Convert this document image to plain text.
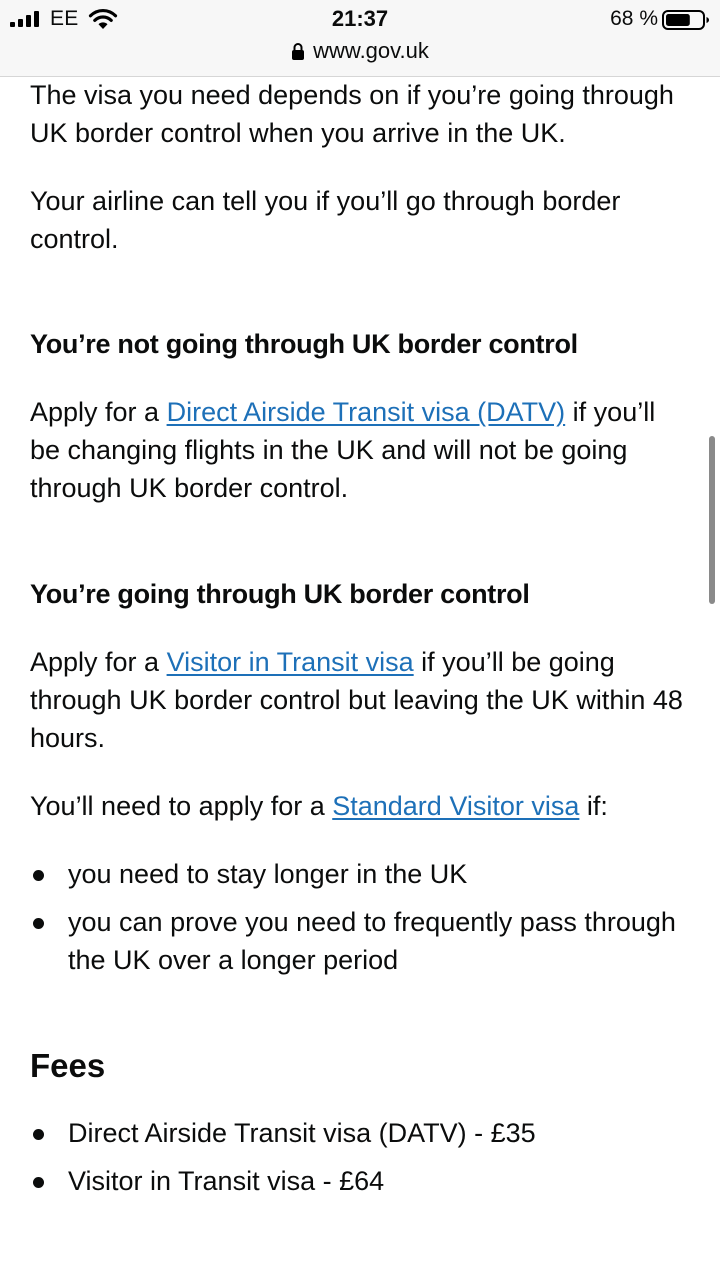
EE	21:37	68 %
www.gov.uk

The visa you need depends on if you’re going through UK border control when you arrive in the UK.

Your airline can tell you if you’ll go through border control.

You’re not going through UK border control

Apply for a Direct Airside Transit visa (DATV) if you’ll be changing flights in the UK and will not be going through UK border control.

You’re going through UK border control

Apply for a Visitor in Transit visa if you’ll be going through UK border control but leaving the UK within 48 hours.

You’ll need to apply for a Standard Visitor visa if:

you need to stay longer in the UK
you can prove you need to frequently pass through the UK over a longer period
Fees
Direct Airside Transit visa (DATV) - £35
Visitor in Transit visa - £64
